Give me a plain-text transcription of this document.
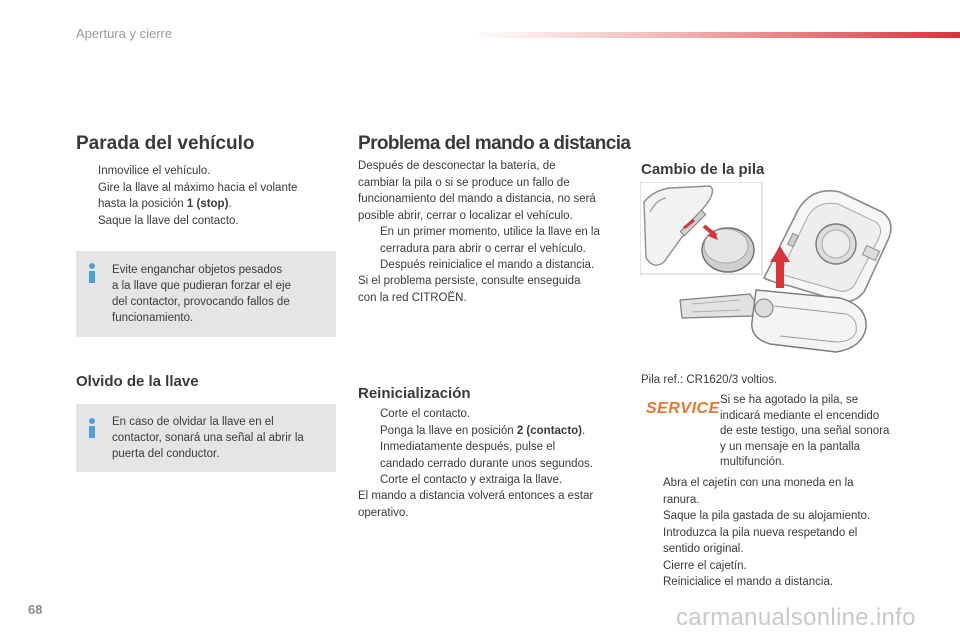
Apertura y cierre
Parada del vehículo
Inmovilice el vehículo.
Gire la llave al máximo hacia el volante
hasta la posición 1 (stop).
Saque la llave del contacto.
Evite enganchar objetos pesados
a la llave que pudieran forzar el eje
del contactor, provocando fallos de
funcionamiento.
Olvido de la llave
En caso de olvidar la llave en el
contactor, sonará una señal al abrir la
puerta del conductor.
Problema del mando a distancia
Después de desconectar la batería, de
cambiar la pila o si se produce un fallo de
funcionamiento del mando a distancia, no será
posible abrir, cerrar o localizar el vehículo.
En un primer momento, utilice la llave en la
cerradura para abrir o cerrar el vehículo.
Después reinicialice el mando a distancia.
Si el problema persiste, consulte enseguida
con la red CITROËN.
Reinicialización
Corte el contacto.
Ponga la llave en posición 2 (contacto).
Inmediatamente después, pulse el
candado cerrado durante unos segundos.
Corte el contacto y extraiga la llave.
El mando a distancia volverá entonces a estar
operativo.
Cambio de la pila
Pila ref.: CR1620/3 voltios.
SERVICE Si se ha agotado la pila, se
indicará mediante el encendido
de este testigo, una señal sonora
y un mensaje en la pantalla
multifunción.
Abra el cajetín con una moneda en la
ranura.
Saque la pila gastada de su alojamiento.
Introduzca la pila nueva respetando el
sentido original.
Cierre el cajetín.
Reinicialice el mando a distancia.
68	carmanualsonline.info
